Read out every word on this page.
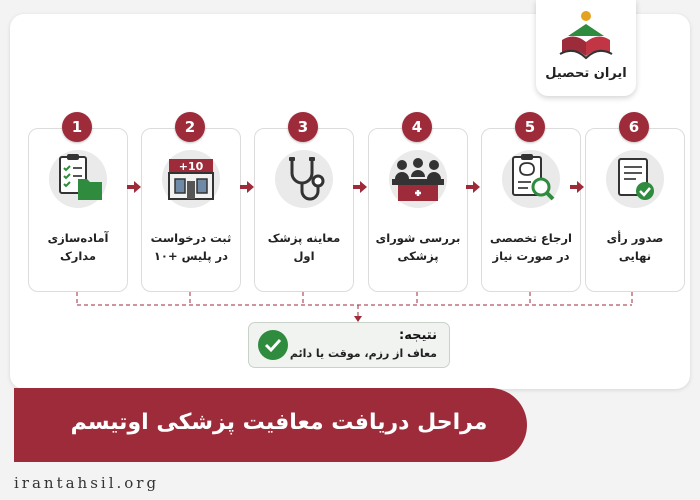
ایران تحصیل
آماده‌سازی مدارک
1
+10
ثبت درخواست
در پلیس +۱۰
2
معاینه پزشک اول
3
بررسی شورای پزشکی
4
ارجاع تخصصی
در صورت نیاز
5
صدور رأی نهایی
6
نتیجه:
معاف از رزم، موقت یا دائم
مراحل دریافت معافیت پزشکی اوتیسم
irantahsil.org
